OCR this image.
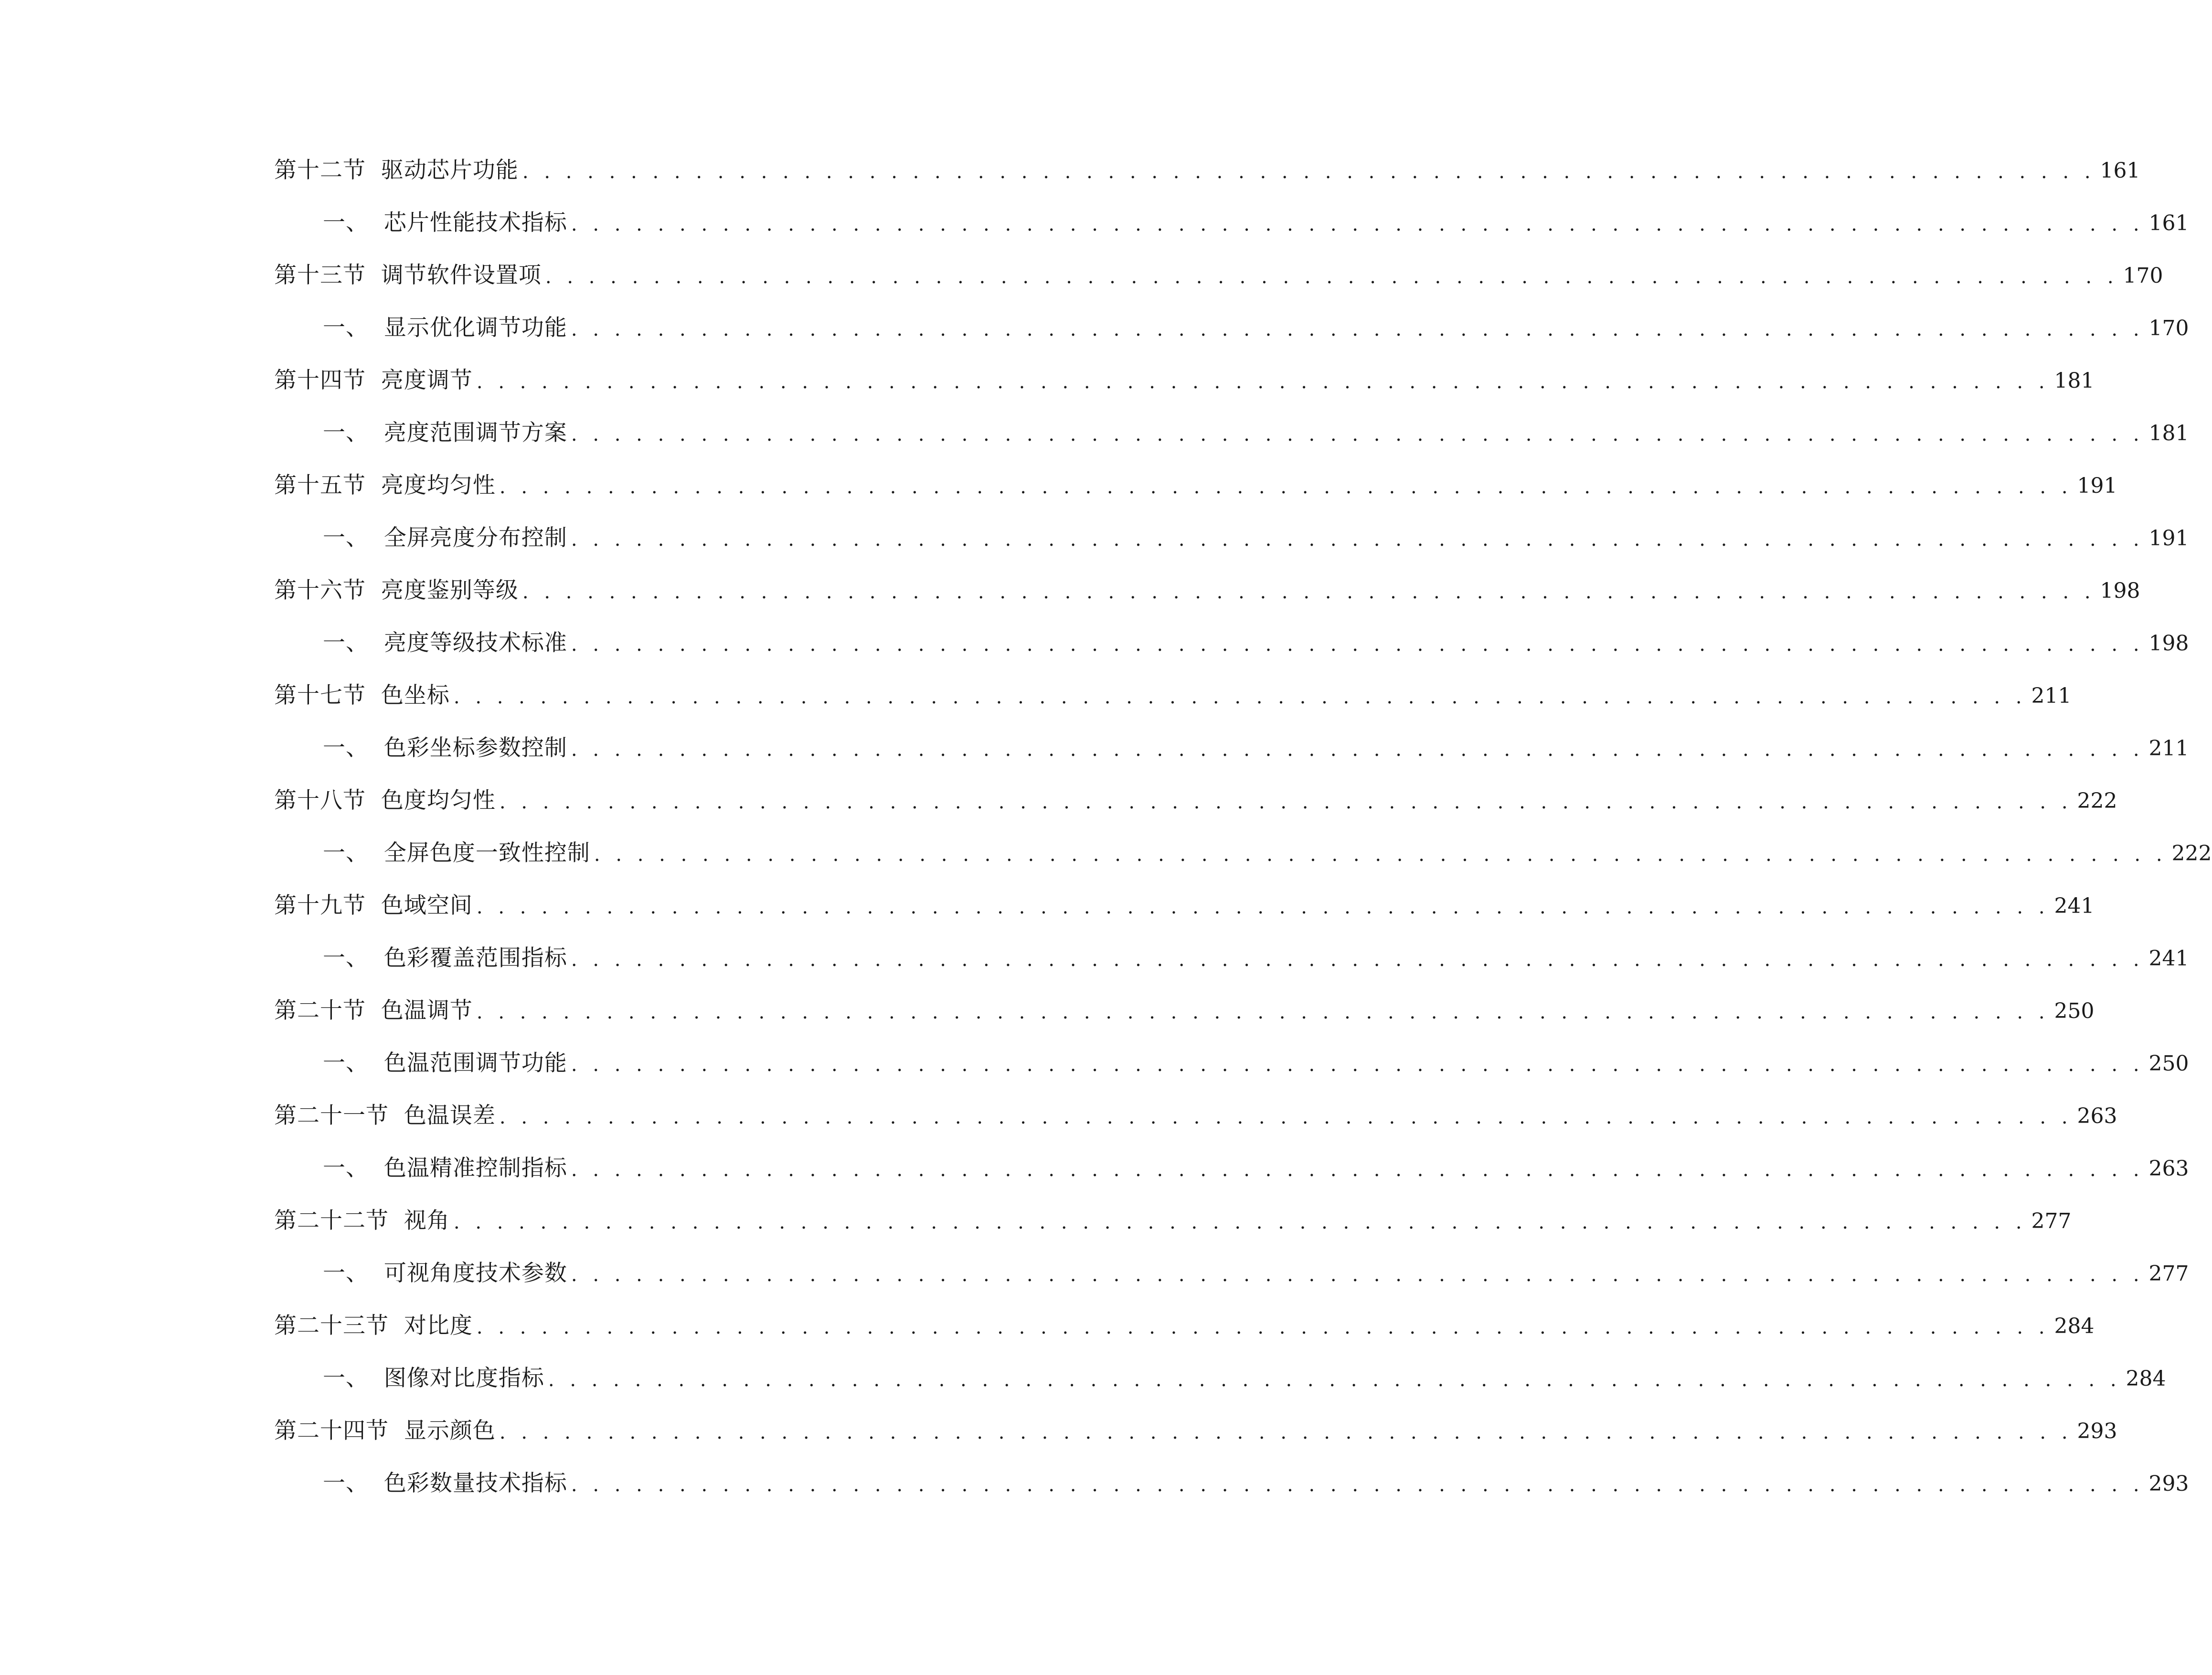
第十二节  驱动芯片功能 . . . . . . . . . . . . . . . . . . . . . . . . . . . . . . . . . . . . . . . . . . . . . . . . . . . . . . . . . . . . . . . . . . . . . . . . . 161
一、  芯片性能技术指标 . . . . . . . . . . . . . . . . . . . . . . . . . . . . . . . . . . . . . . . . . . . . . . . . . . . . . . . . . . . . . . . . . . . . . . . . . 161
第十三节  调节软件设置项 . . . . . . . . . . . . . . . . . . . . . . . . . . . . . . . . . . . . . . . . . . . . . . . . . . . . . . . . . . . . . . . . . . . . . . . . . 170
一、  显示优化调节功能 . . . . . . . . . . . . . . . . . . . . . . . . . . . . . . . . . . . . . . . . . . . . . . . . . . . . . . . . . . . . . . . . . . . . . . . . . 170
第十四节  亮度调节 . . . . . . . . . . . . . . . . . . . . . . . . . . . . . . . . . . . . . . . . . . . . . . . . . . . . . . . . . . . . . . . . . . . . . . . . . 181
一、  亮度范围调节方案 . . . . . . . . . . . . . . . . . . . . . . . . . . . . . . . . . . . . . . . . . . . . . . . . . . . . . . . . . . . . . . . . . . . . . . . . . 181
第十五节  亮度均匀性 . . . . . . . . . . . . . . . . . . . . . . . . . . . . . . . . . . . . . . . . . . . . . . . . . . . . . . . . . . . . . . . . . . . . . . . . . 191
一、  全屏亮度分布控制 . . . . . . . . . . . . . . . . . . . . . . . . . . . . . . . . . . . . . . . . . . . . . . . . . . . . . . . . . . . . . . . . . . . . . . . . . 191
第十六节  亮度鉴别等级 . . . . . . . . . . . . . . . . . . . . . . . . . . . . . . . . . . . . . . . . . . . . . . . . . . . . . . . . . . . . . . . . . . . . . . . . . 198
一、  亮度等级技术标准 . . . . . . . . . . . . . . . . . . . . . . . . . . . . . . . . . . . . . . . . . . . . . . . . . . . . . . . . . . . . . . . . . . . . . . . . . 198
第十七节  色坐标 . . . . . . . . . . . . . . . . . . . . . . . . . . . . . . . . . . . . . . . . . . . . . . . . . . . . . . . . . . . . . . . . . . . . . . . . . 211
一、  色彩坐标参数控制 . . . . . . . . . . . . . . . . . . . . . . . . . . . . . . . . . . . . . . . . . . . . . . . . . . . . . . . . . . . . . . . . . . . . . . . . . 211
第十八节  色度均匀性 . . . . . . . . . . . . . . . . . . . . . . . . . . . . . . . . . . . . . . . . . . . . . . . . . . . . . . . . . . . . . . . . . . . . . . . . . 222
一、  全屏色度一致性控制 . . . . . . . . . . . . . . . . . . . . . . . . . . . . . . . . . . . . . . . . . . . . . . . . . . . . . . . . . . . . . . . . . . . . . . . . . 222
第十九节  色域空间 . . . . . . . . . . . . . . . . . . . . . . . . . . . . . . . . . . . . . . . . . . . . . . . . . . . . . . . . . . . . . . . . . . . . . . . . . 241
一、  色彩覆盖范围指标 . . . . . . . . . . . . . . . . . . . . . . . . . . . . . . . . . . . . . . . . . . . . . . . . . . . . . . . . . . . . . . . . . . . . . . . . . 241
第二十节  色温调节 . . . . . . . . . . . . . . . . . . . . . . . . . . . . . . . . . . . . . . . . . . . . . . . . . . . . . . . . . . . . . . . . . . . . . . . . . 250
一、  色温范围调节功能 . . . . . . . . . . . . . . . . . . . . . . . . . . . . . . . . . . . . . . . . . . . . . . . . . . . . . . . . . . . . . . . . . . . . . . . . . 250
第二十一节  色温误差 . . . . . . . . . . . . . . . . . . . . . . . . . . . . . . . . . . . . . . . . . . . . . . . . . . . . . . . . . . . . . . . . . . . . . . . . . 263
一、  色温精准控制指标 . . . . . . . . . . . . . . . . . . . . . . . . . . . . . . . . . . . . . . . . . . . . . . . . . . . . . . . . . . . . . . . . . . . . . . . . . 263
第二十二节  视角 . . . . . . . . . . . . . . . . . . . . . . . . . . . . . . . . . . . . . . . . . . . . . . . . . . . . . . . . . . . . . . . . . . . . . . . . . 277
一、  可视角度技术参数 . . . . . . . . . . . . . . . . . . . . . . . . . . . . . . . . . . . . . . . . . . . . . . . . . . . . . . . . . . . . . . . . . . . . . . . . . 277
第二十三节  对比度 . . . . . . . . . . . . . . . . . . . . . . . . . . . . . . . . . . . . . . . . . . . . . . . . . . . . . . . . . . . . . . . . . . . . . . . . . 284
一、  图像对比度指标 . . . . . . . . . . . . . . . . . . . . . . . . . . . . . . . . . . . . . . . . . . . . . . . . . . . . . . . . . . . . . . . . . . . . . . . . . 284
第二十四节  显示颜色 . . . . . . . . . . . . . . . . . . . . . . . . . . . . . . . . . . . . . . . . . . . . . . . . . . . . . . . . . . . . . . . . . . . . . . . . . 293
一、  色彩数量技术指标 . . . . . . . . . . . . . . . . . . . . . . . . . . . . . . . . . . . . . . . . . . . . . . . . . . . . . . . . . . . . . . . . . . . . . . . . . 293
